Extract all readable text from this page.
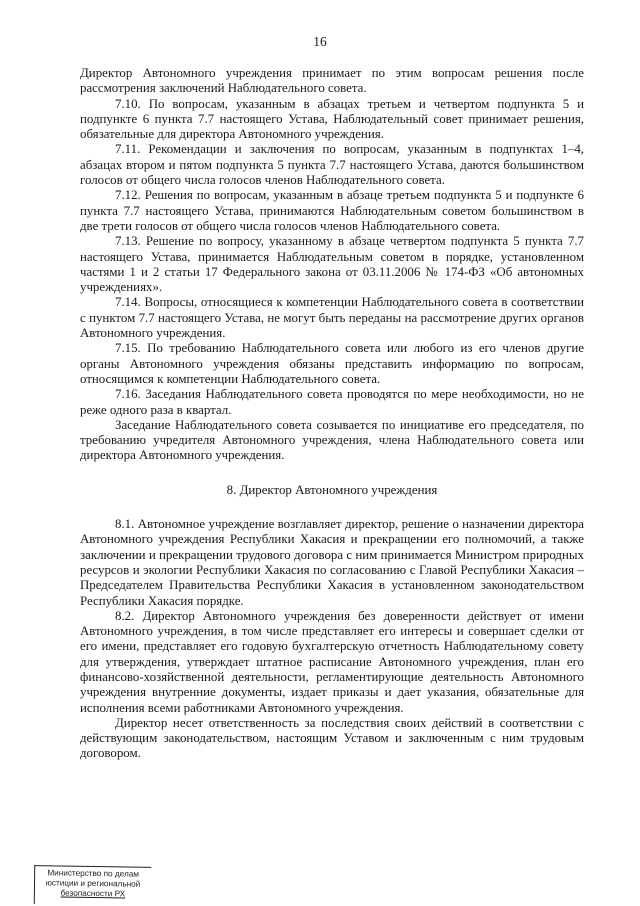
16

Директор Автономного учреждения принимает по этим вопросам решения после рассмотрения заключений Наблюдательного совета.

7.10. По вопросам, указанным в абзацах третьем и четвертом подпункта 5 и подпункте 6 пункта 7.7 настоящего Устава, Наблюдательный совет принимает решения, обязательные для директора Автономного учреждения.

7.11. Рекомендации и заключения по вопросам, указанным в подпунктах 1–4, абзацах втором и пятом подпункта 5 пункта 7.7 настоящего Устава, даются большинством голосов от общего числа голосов членов Наблюдательного совета.

7.12. Решения по вопросам, указанным в абзаце третьем подпункта 5 и подпункте 6 пункта 7.7 настоящего Устава, принимаются Наблюдательным советом большинством в две трети голосов от общего числа голосов членов Наблюдательного совета.

7.13. Решение по вопросу, указанному в абзаце четвертом подпункта 5 пункта 7.7 настоящего Устава, принимается Наблюдательным советом в порядке, установленном частями 1 и 2 статьи 17 Федерального закона от 03.11.2006 № 174-ФЗ «Об автономных учреждениях».

7.14. Вопросы, относящиеся к компетенции Наблюдательного совета в соответствии с пунктом 7.7 настоящего Устава, не могут быть переданы на рассмотрение других органов Автономного учреждения.

7.15. По требованию Наблюдательного совета или любого из его членов другие органы Автономного учреждения обязаны представить информацию по вопросам, относящимся к компетенции Наблюдательного совета.

7.16. Заседания Наблюдательного совета проводятся по мере необходимости, но не реже одного раза в квартал.

Заседание Наблюдательного совета созывается по инициативе его председателя, по требованию учредителя Автономного учреждения, члена Наблюдательного совета или директора Автономного учреждения.

8. Директор Автономного учреждения

8.1. Автономное учреждение возглавляет директор, решение о назначении директора Автономного учреждения Республики Хакасия и прекращении его полномочий, а также заключении и прекращении трудового договора с ним принимается Министром природных ресурсов и экологии Республики Хакасия по согласованию с Главой Республики Хакасия – Председателем Правительства Республики Хакасия в установленном законодательством Республики Хакасия порядке.

8.2. Директор Автономного учреждения без доверенности действует от имени Автономного учреждения, в том числе представляет его интересы и совершает сделки от его имени, представляет его годовую бухгалтерскую отчетность Наблюдательному совету для утверждения, утверждает штатное расписание Автономного учреждения, план его финансово-хозяйственной деятельности, регламентирующие деятельность Автономного учреждения внутренние документы, издает приказы и дает указания, обязательные для исполнения всеми работниками Автономного учреждения.

Директор несет ответственность за последствия своих действий в соответствии с действующим законодательством, настоящим Уставом и заключенным с ним трудовым договором.

Министерство по делам
юстиции и региональной
безопасности РХ
